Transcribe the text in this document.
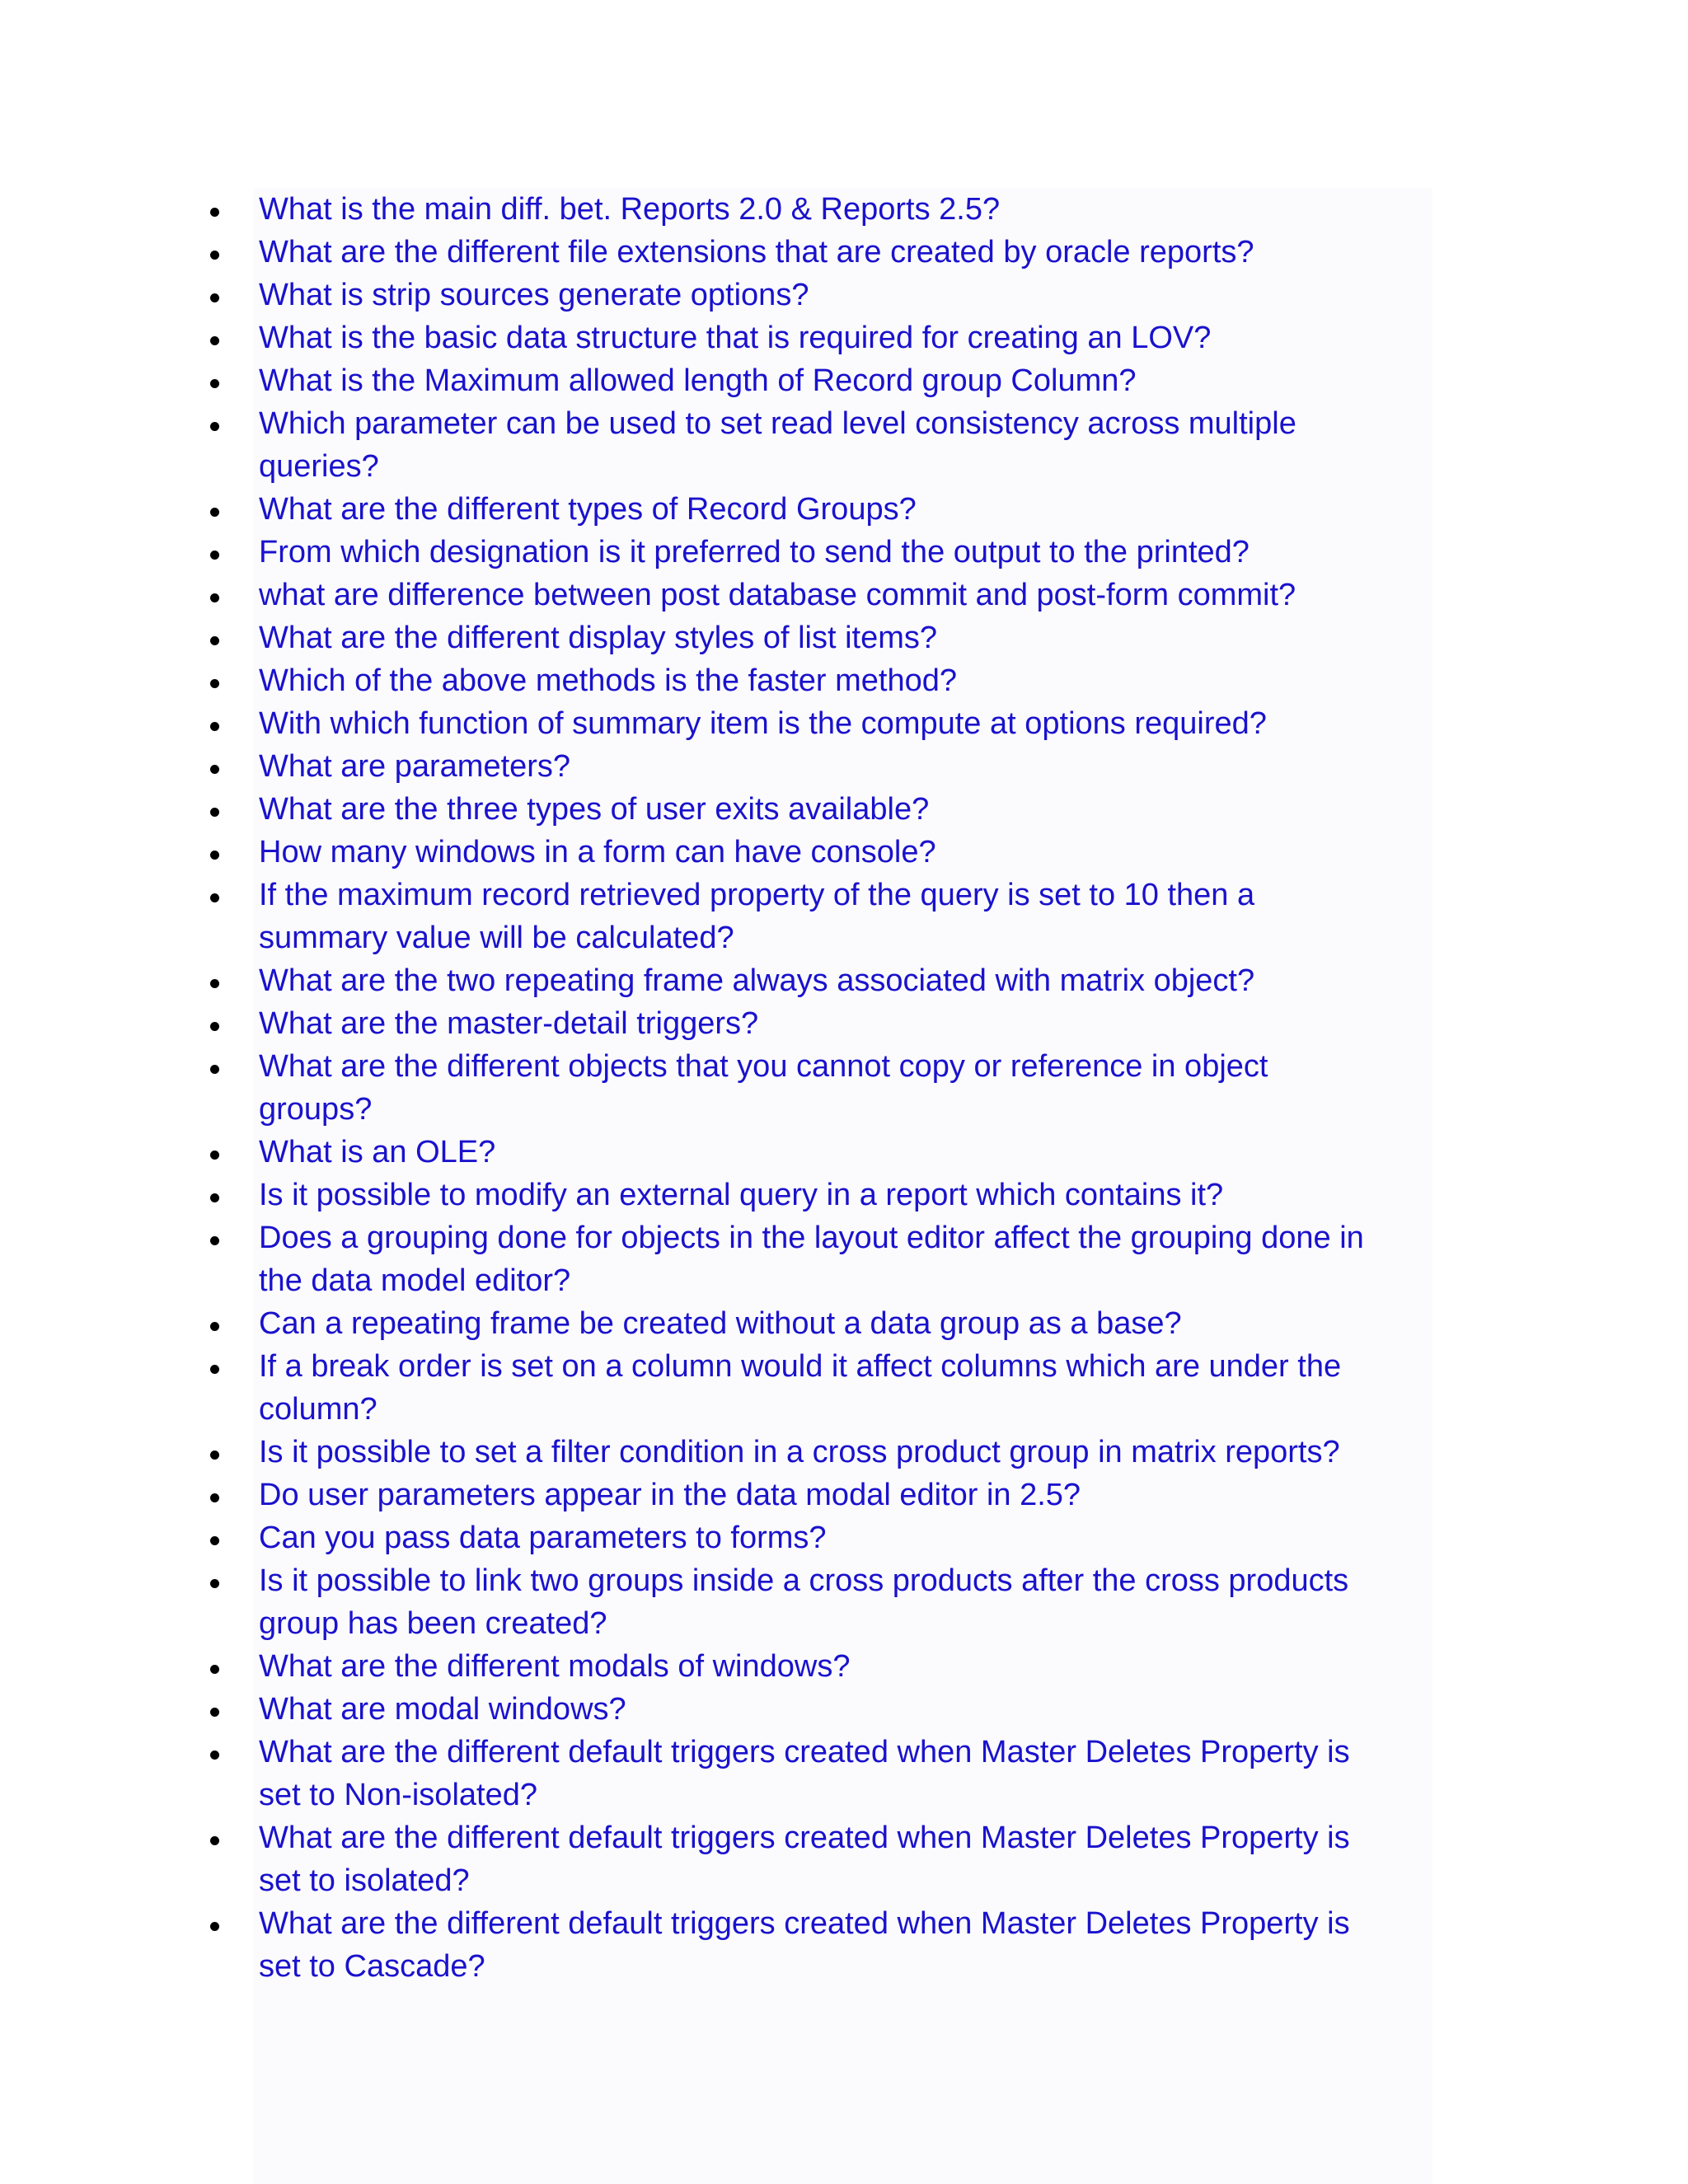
What is the main diff. bet. Reports 2.0 & Reports 2.5?
What are the different file extensions that are created by oracle reports?
What is strip sources generate options?
What is the basic data structure that is required for creating an LOV?
What is the Maximum allowed length of Record group Column?
Which parameter can be used to set read level consistency across multiple
queries?
What are the different types of Record Groups?
From which designation is it preferred to send the output to the printed?
what are difference between post database commit and post-form commit?
What are the different display styles of list items?
Which of the above methods is the faster method?
With which function of summary item is the compute at options required?
What are parameters?
What are the three types of user exits available?
How many windows in a form can have console?
If the maximum record retrieved property of the query is set to 10 then a
summary value will be calculated?
What are the two repeating frame always associated with matrix object?
What are the master-detail triggers?
What are the different objects that you cannot copy or reference in object
groups?
What is an OLE?
Is it possible to modify an external query in a report which contains it?
Does a grouping done for objects in the layout editor affect the grouping done in
the data model editor?
Can a repeating frame be created without a data group as a base?
If a break order is set on a column would it affect columns which are under the
column?
Is it possible to set a filter condition in a cross product group in matrix reports?
Do user parameters appear in the data modal editor in 2.5?
Can you pass data parameters to forms?
Is it possible to link two groups inside a cross products after the cross products
group has been created?
What are the different modals of windows?
What are modal windows?
What are the different default triggers created when Master Deletes Property is
set to Non-isolated?
What are the different default triggers created when Master Deletes Property is
set to isolated?
What are the different default triggers created when Master Deletes Property is
set to Cascade?
